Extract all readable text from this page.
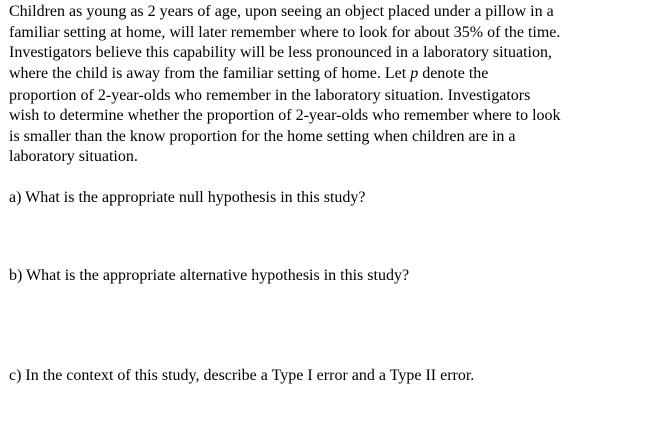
Children as young as 2 years of age, upon seeing an object placed under a pillow in a
familiar setting at home, will later remember where to look for about 35% of the time.
Investigators believe this capability will be less pronounced in a laboratory situation,
where the child is away from the familiar setting of home. Let p denote the
proportion of 2-year-olds who remember in the laboratory situation. Investigators
wish to determine whether the proportion of 2-year-olds who remember where to look
is smaller than the know proportion for the home setting when children are in a
laboratory situation.
a) What is the appropriate null hypothesis in this study?
b) What is the appropriate alternative hypothesis in this study?
c) In the context of this study, describe a Type I error and a Type II error.
